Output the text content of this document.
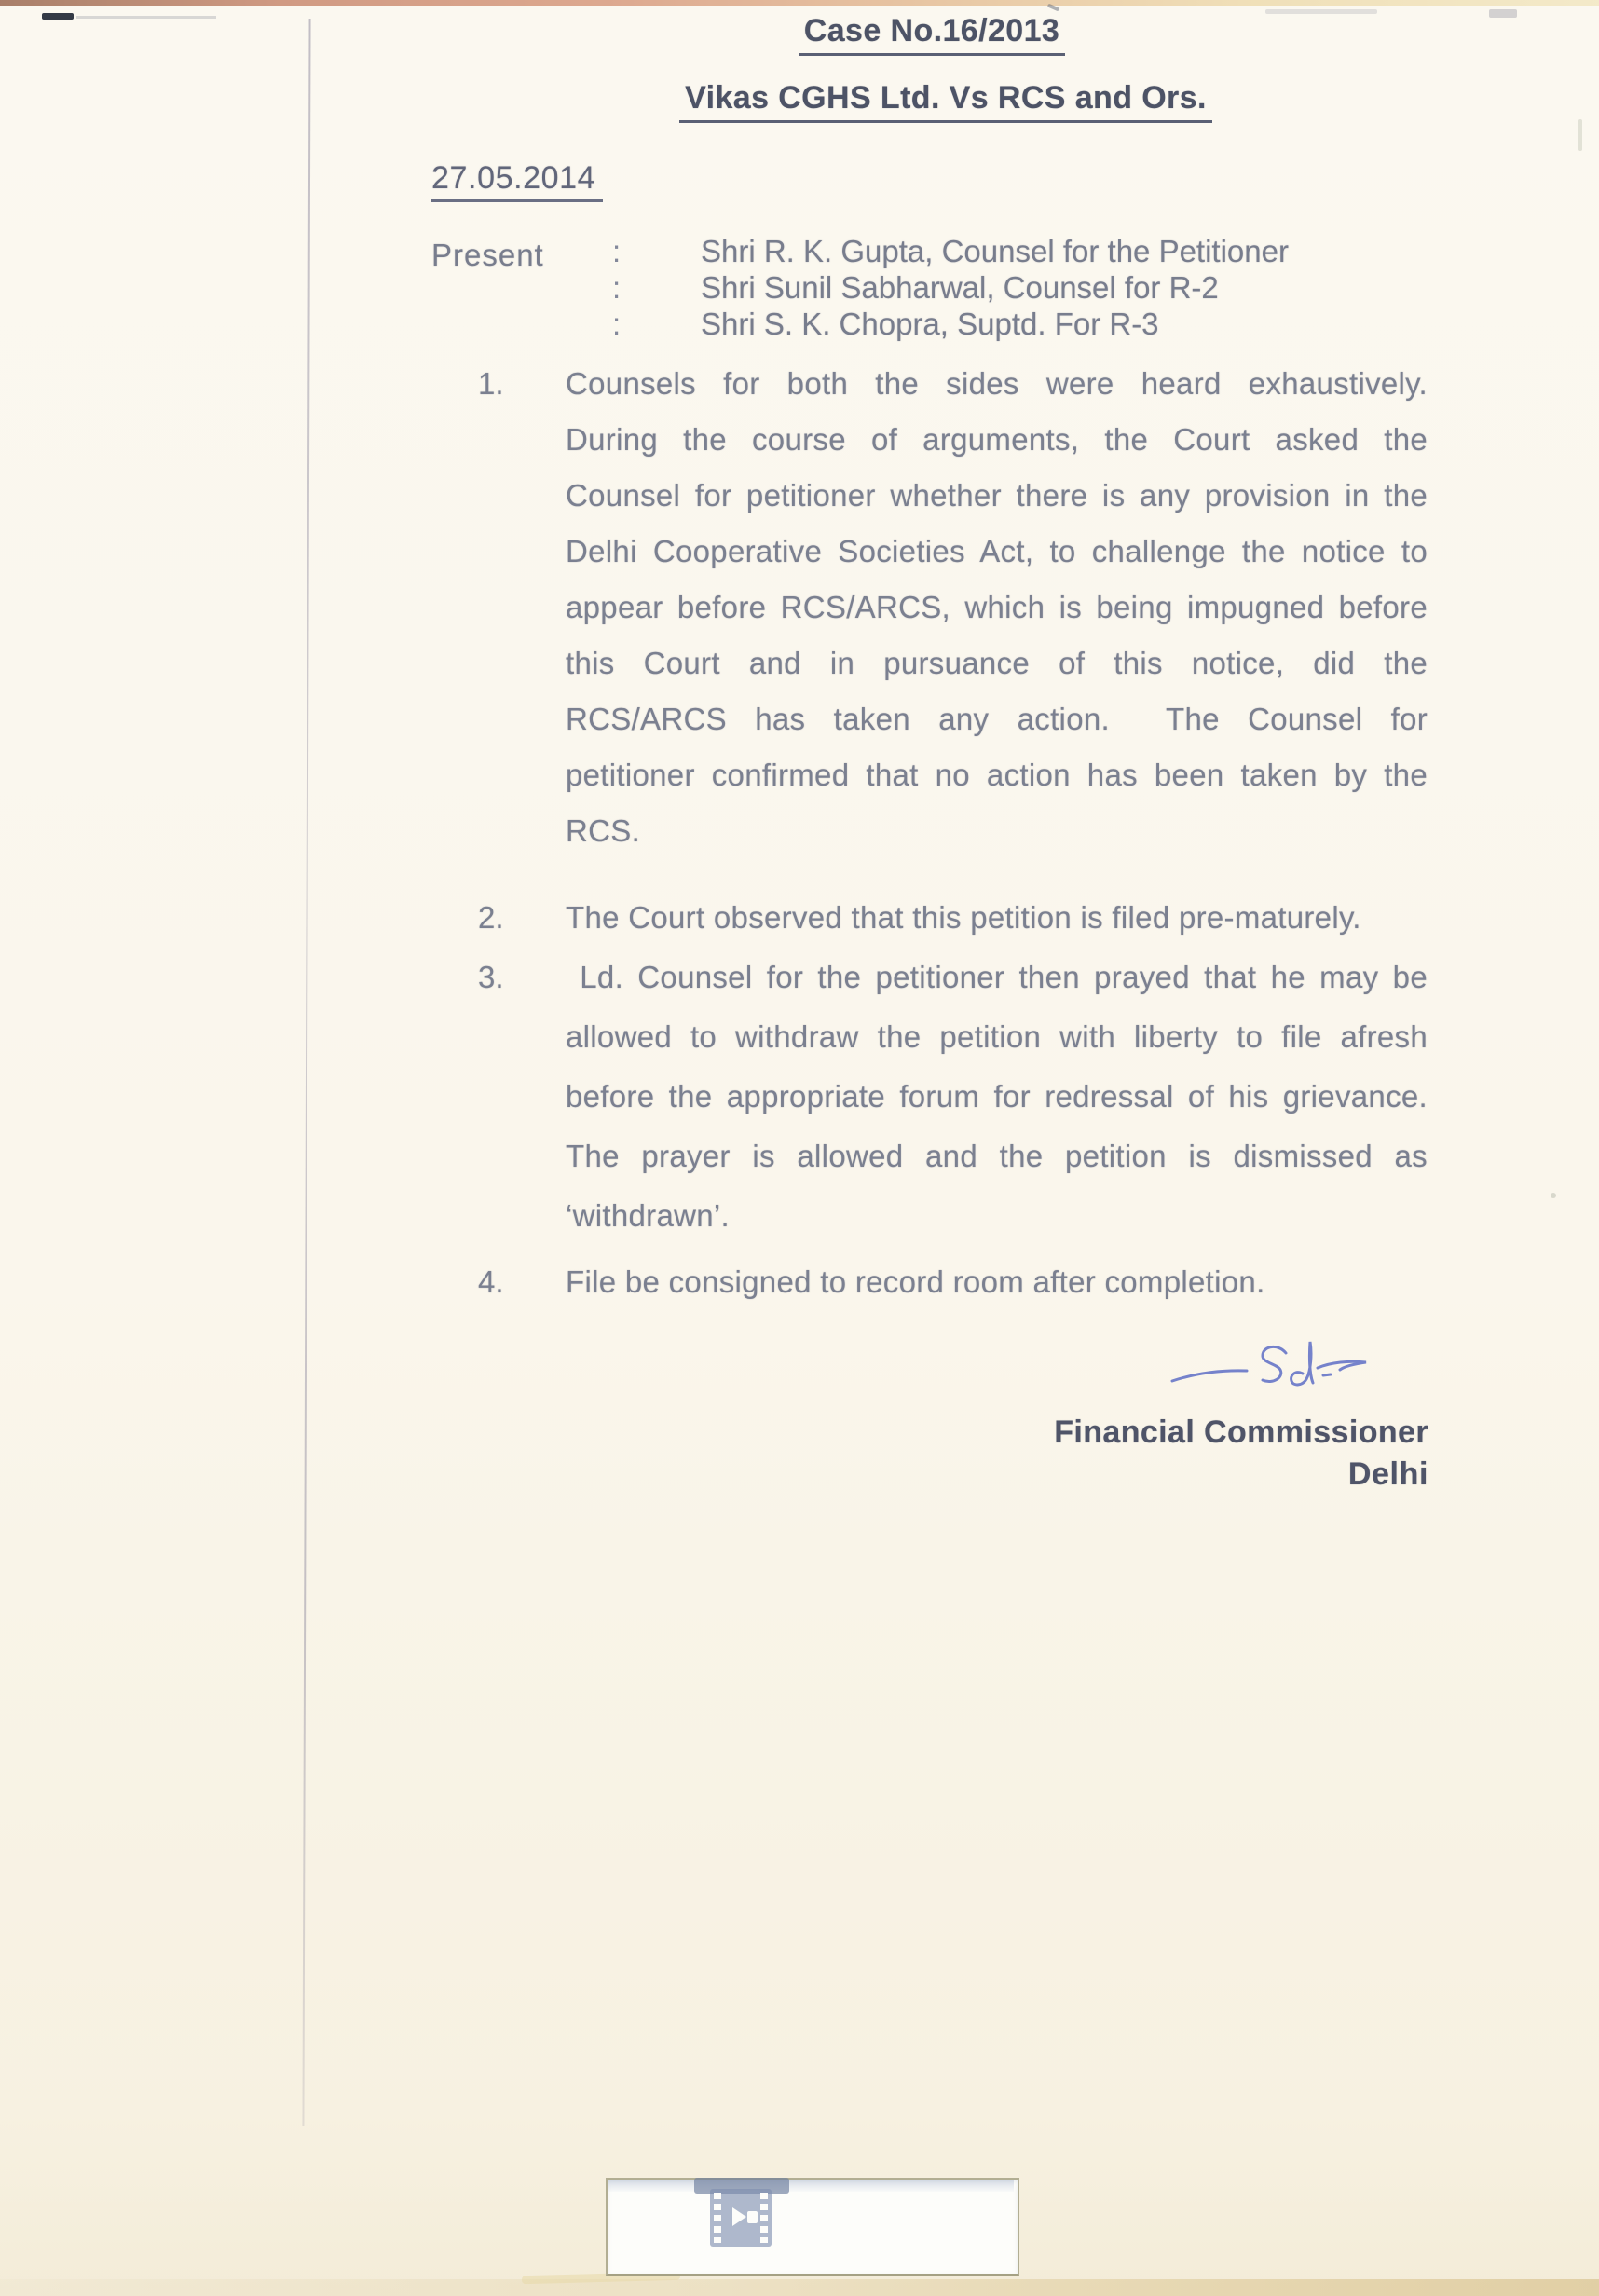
Case No.16/2013
Vikas CGHS Ltd. Vs RCS and Ors.
27.05.2014
Present :	Shri R. K. Gupta, Counsel for the Petitioner
:	Shri Sunil Sabharwal, Counsel for R-2
:	Shri S. K. Chopra, Suptd. For R-3
1. Counsels for both the sides were heard exhaustively.
During the course of arguments, the Court asked the
Counsel for petitioner whether there is any provision in the
Delhi Cooperative Societies Act, to challenge the notice to
appear before RCS/ARCS, which is being impugned before
this Court and in pursuance of this notice, did the
RCS/ARCS has taken any action.  The Counsel for
petitioner confirmed that no action has been taken by the
RCS.
2. The Court observed that this petition is filed pre-maturely.
3. Ld. Counsel for the petitioner then prayed that he may be
allowed to withdraw the petition with liberty to file afresh
before the appropriate forum for redressal of his grievance.
The prayer is allowed and the petition is dismissed as
‘withdrawn’.
4. File be consigned to record room after completion.
Financial Commissioner
Delhi
